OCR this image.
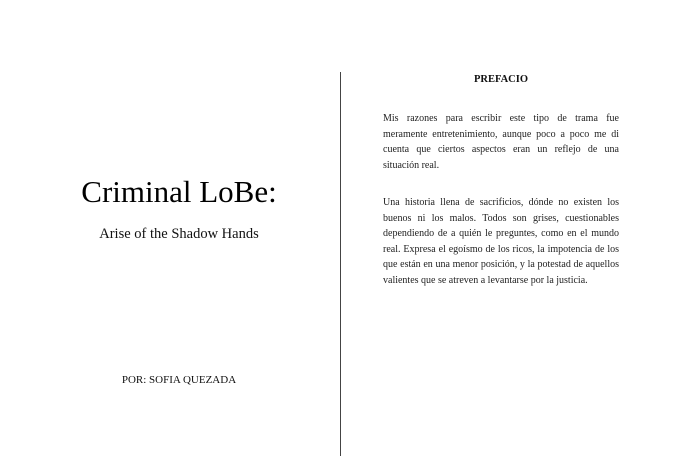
Criminal LoBe:
Arise of the Shadow Hands
POR: SOFIA QUEZADA
PREFACIO

Mis razones para escribir este tipo de trama fue meramente entretenimiento, aunque poco a poco me di cuenta que ciertos aspectos eran un reflejo de una situación real.

Una historia llena de sacrificios, dónde no existen los buenos ni los malos. Todos son grises, cuestionables dependiendo de a quién le preguntes, como en el mundo real. Expresa el egoísmo de los ricos, la impotencia de los que están en una menor posición, y la potestad de aquellos valientes que se atreven a levantarse por la justicia.
